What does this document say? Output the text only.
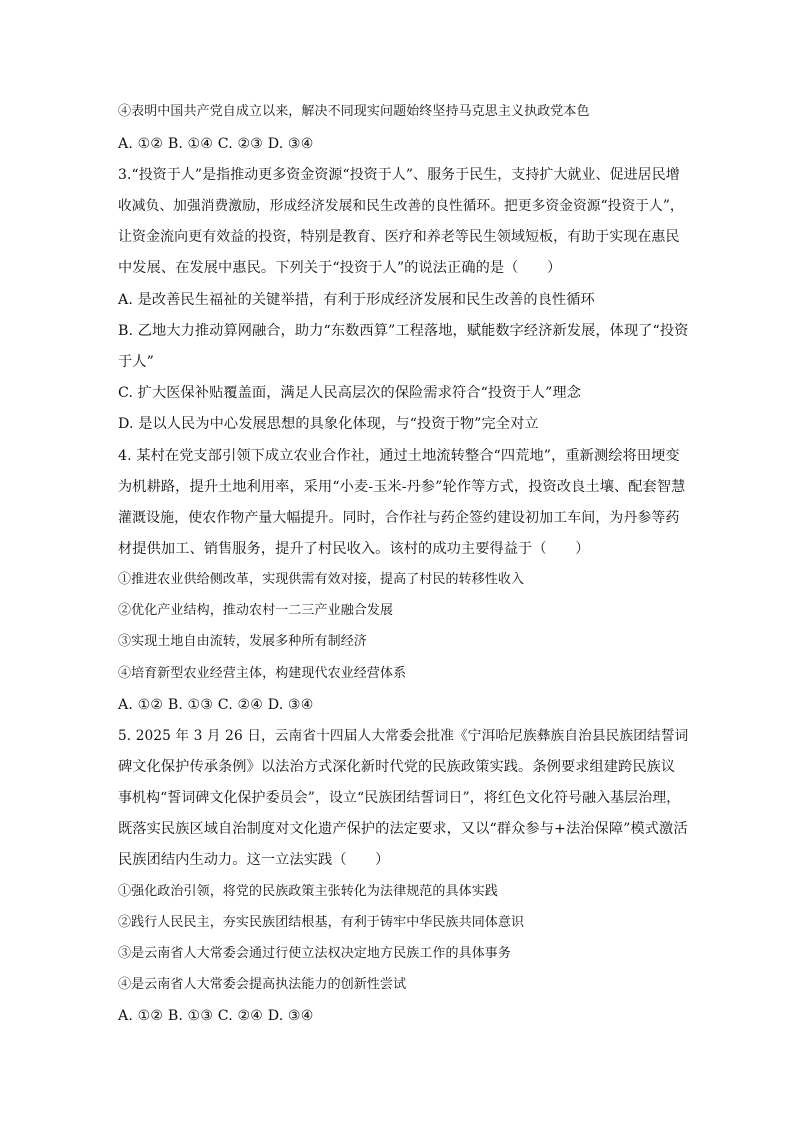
④表明中国共产党自成立以来，解决不同现实问题始终坚持马克思主义执政党本色
A. ①② B. ①④ C. ②③ D. ③④
3.“投资于人”是指推动更多资金资源“投资于人”、服务于民生，支持扩大就业、促进居民增
收减负、加强消费激励，形成经济发展和民生改善的良性循环。把更多资金资源“投资于人”，
让资金流向更有效益的投资，特别是教育、医疗和养老等民生领域短板，有助于实现在惠民
中发展、在发展中惠民。下列关于“投资于人”的说法正确的是（　　）
A. 是改善民生福祉的关键举措，有利于形成经济发展和民生改善的良性循环
B. 乙地大力推动算网融合，助力“东数西算”工程落地，赋能数字经济新发展，体现了“投资
于人”
C. 扩大医保补贴覆盖面，满足人民高层次的保险需求符合“投资于人”理念
D. 是以人民为中心发展思想的具象化体现，与“投资于物”完全对立
4. 某村在党支部引领下成立农业合作社，通过土地流转整合“四荒地”，重新测绘将田埂变
为机耕路，提升土地利用率，采用“小麦-玉米-丹参”轮作等方式，投资改良土壤、配套智慧
灌溉设施，使农作物产量大幅提升。同时，合作社与药企签约建设初加工车间，为丹参等药
材提供加工、销售服务，提升了村民收入。该村的成功主要得益于（　　）
①推进农业供给侧改革，实现供需有效对接，提高了村民的转移性收入
②优化产业结构，推动农村一二三产业融合发展
③实现土地自由流转，发展多种所有制经济
④培育新型农业经营主体，构建现代农业经营体系
A. ①② B. ①③ C. ②④ D. ③④
5. 2025 年 3 月 26 日，云南省十四届人大常委会批准《宁洱哈尼族彝族自治县民族团结誓词
碑文化保护传承条例》以法治方式深化新时代党的民族政策实践。条例要求组建跨民族议
事机构“誓词碑文化保护委员会”，设立“民族团结誓词日”，将红色文化符号融入基层治理，
既落实民族区域自治制度对文化遗产保护的法定要求，又以“群众参与+法治保障”模式激活
民族团结内生动力。这一立法实践（　　）
①强化政治引领，将党的民族政策主张转化为法律规范的具体实践
②践行人民民主，夯实民族团结根基，有利于铸牢中华民族共同体意识
③是云南省人大常委会通过行使立法权决定地方民族工作的具体事务
④是云南省人大常委会提高执法能力的创新性尝试
A. ①② B. ①③ C. ②④ D. ③④
